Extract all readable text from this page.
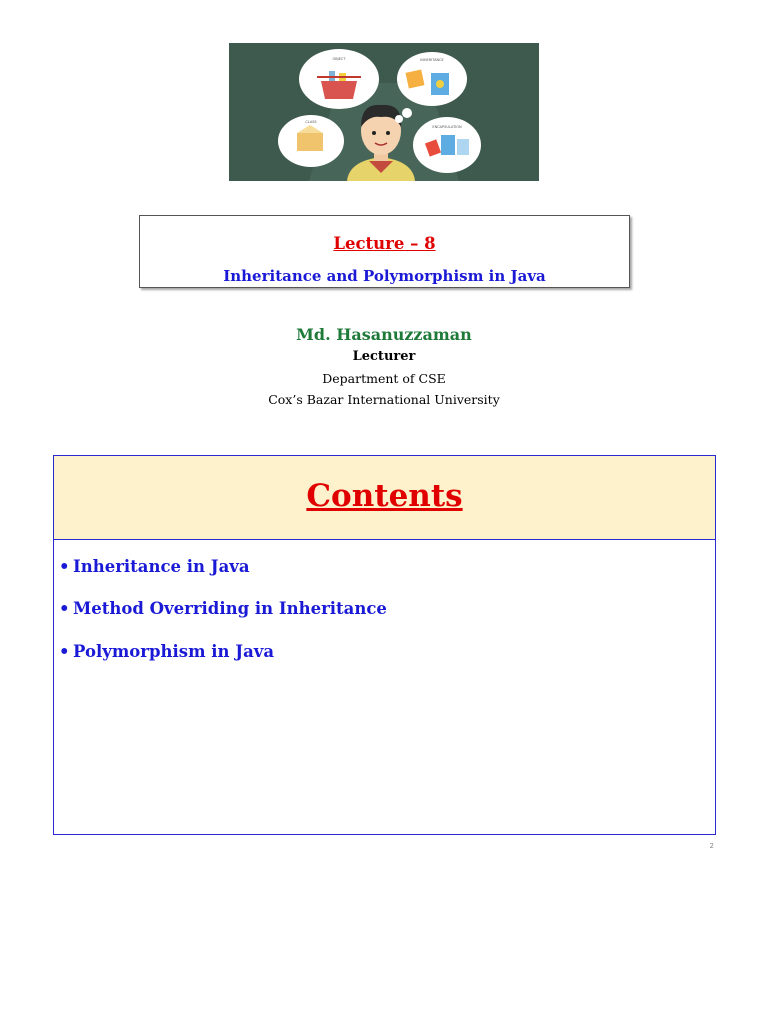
OBJECT	INHERITANCE
CLASS
ENCAPSULATION
Lecture – 8
Inheritance and Polymorphism in Java
Md. Hasanuzzaman
Lecturer
Department of CSE
Cox’s Bazar International University
Contents
• Inheritance in Java
• Method Overriding in Inheritance
• Polymorphism in Java
2
